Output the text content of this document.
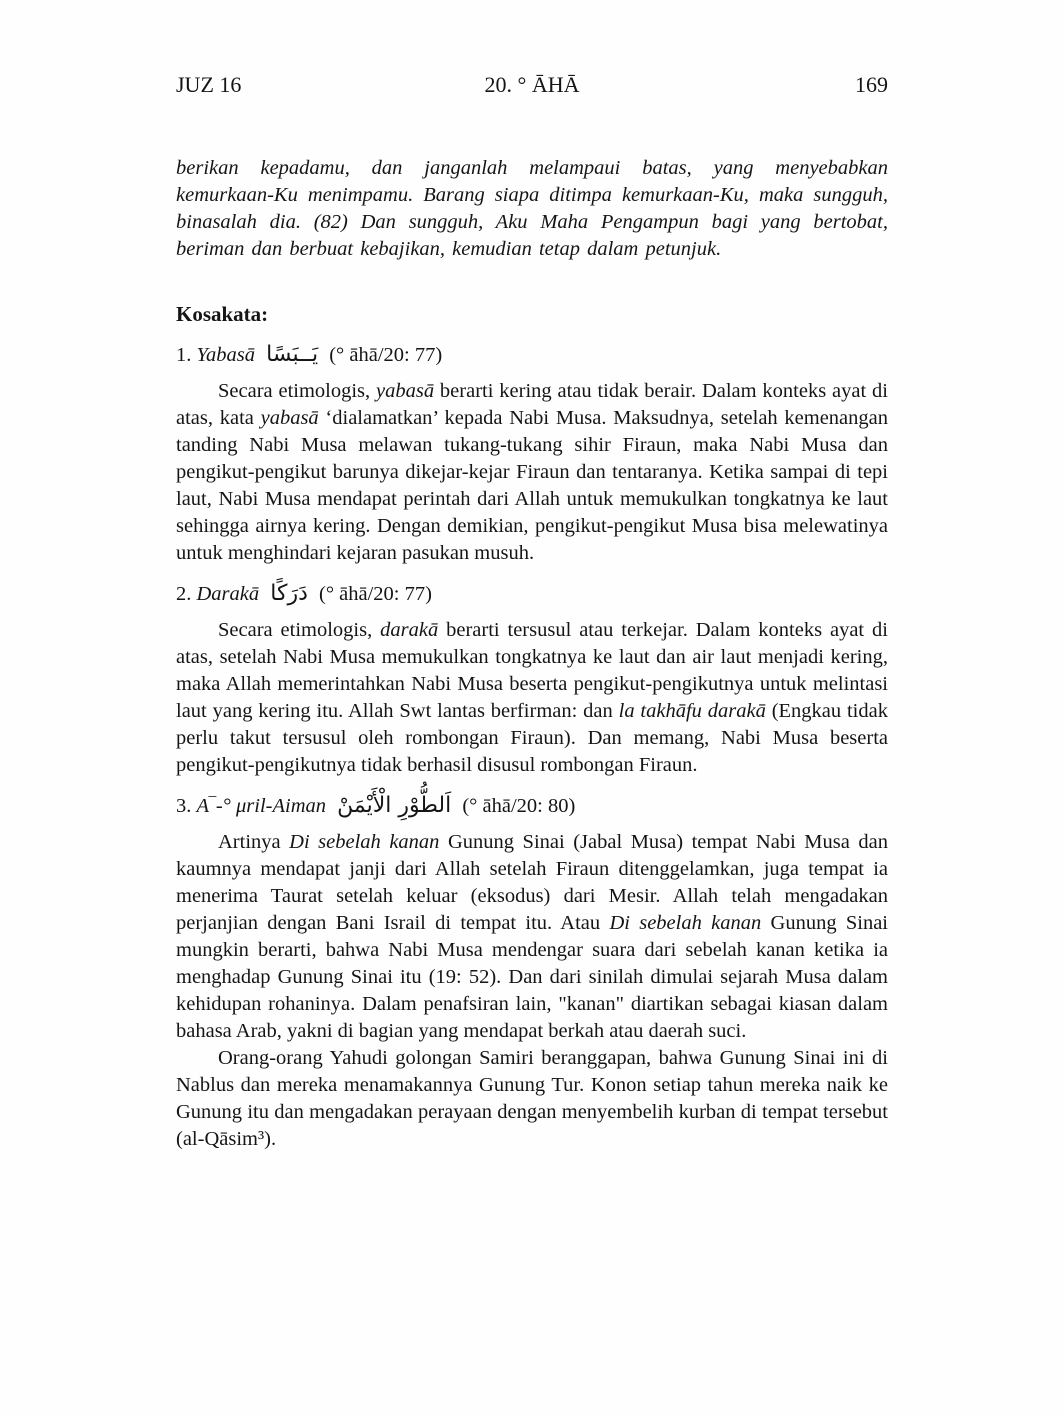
JUZ 16	20. ° ĀHĀ	169

berikan kepadamu, dan janganlah melampaui batas, yang menyebabkan kemurkaan-Ku menimpamu. Barang siapa ditimpa kemurkaan-Ku, maka sungguh, binasalah dia. (82) Dan sungguh, Aku Maha Pengampun bagi yang bertobat, beriman dan berbuat kebajikan, kemudian tetap dalam petunjuk.

Kosakata:

1. Yabasā يَــبَسًا (° āhā/20: 77)

Secara etimologis, yabasā berarti kering atau tidak berair. Dalam konteks ayat di atas, kata yabasā ‘dialamatkan’ kepada Nabi Musa. Maksudnya, setelah kemenangan tanding Nabi Musa melawan tukang-tukang sihir Firaun, maka Nabi Musa dan pengikut-pengikut barunya dikejar-kejar Firaun dan tentaranya. Ketika sampai di tepi laut, Nabi Musa mendapat perintah dari Allah untuk memukulkan tongkatnya ke laut sehingga airnya kering. Dengan demikian, pengikut-pengikut Musa bisa melewatinya untuk menghindari kejaran pasukan musuh.

2. Darakā دَرَكًا (° āhā/20: 77)

Secara etimologis, darakā berarti tersusul atau terkejar. Dalam konteks ayat di atas, setelah Nabi Musa memukulkan tongkatnya ke laut dan air laut menjadi kering, maka Allah memerintahkan Nabi Musa beserta pengikut-pengikutnya untuk melintasi laut yang kering itu. Allah Swt lantas berfirman: dan la takhāfu darakā (Engkau tidak perlu takut tersusul oleh rombongan Firaun). Dan memang, Nabi Musa beserta pengikut-pengikutnya tidak berhasil disusul rombongan Firaun.

3. A‾-° μril-Aiman اَلطُّوْرِ الْأَيْمَنْ (° āhā/20: 80)

Artinya Di sebelah kanan Gunung Sinai (Jabal Musa) tempat Nabi Musa dan kaumnya mendapat janji dari Allah setelah Firaun ditenggelamkan, juga tempat ia menerima Taurat setelah keluar (eksodus) dari Mesir. Allah telah mengadakan perjanjian dengan Bani Israil di tempat itu. Atau Di sebelah kanan Gunung Sinai mungkin berarti, bahwa Nabi Musa mendengar suara dari sebelah kanan ketika ia menghadap Gunung Sinai itu (19: 52). Dan dari sinilah dimulai sejarah Musa dalam kehidupan rohaninya. Dalam penafsiran lain, "kanan" diartikan sebagai kiasan dalam bahasa Arab, yakni di bagian yang mendapat berkah atau daerah suci.

Orang-orang Yahudi golongan Samiri beranggapan, bahwa Gunung Sinai ini di Nablus dan mereka menamakannya Gunung Tur. Konon setiap tahun mereka naik ke Gunung itu dan mengadakan perayaan dengan menyembelih kurban di tempat tersebut (al-Qāsim³).
